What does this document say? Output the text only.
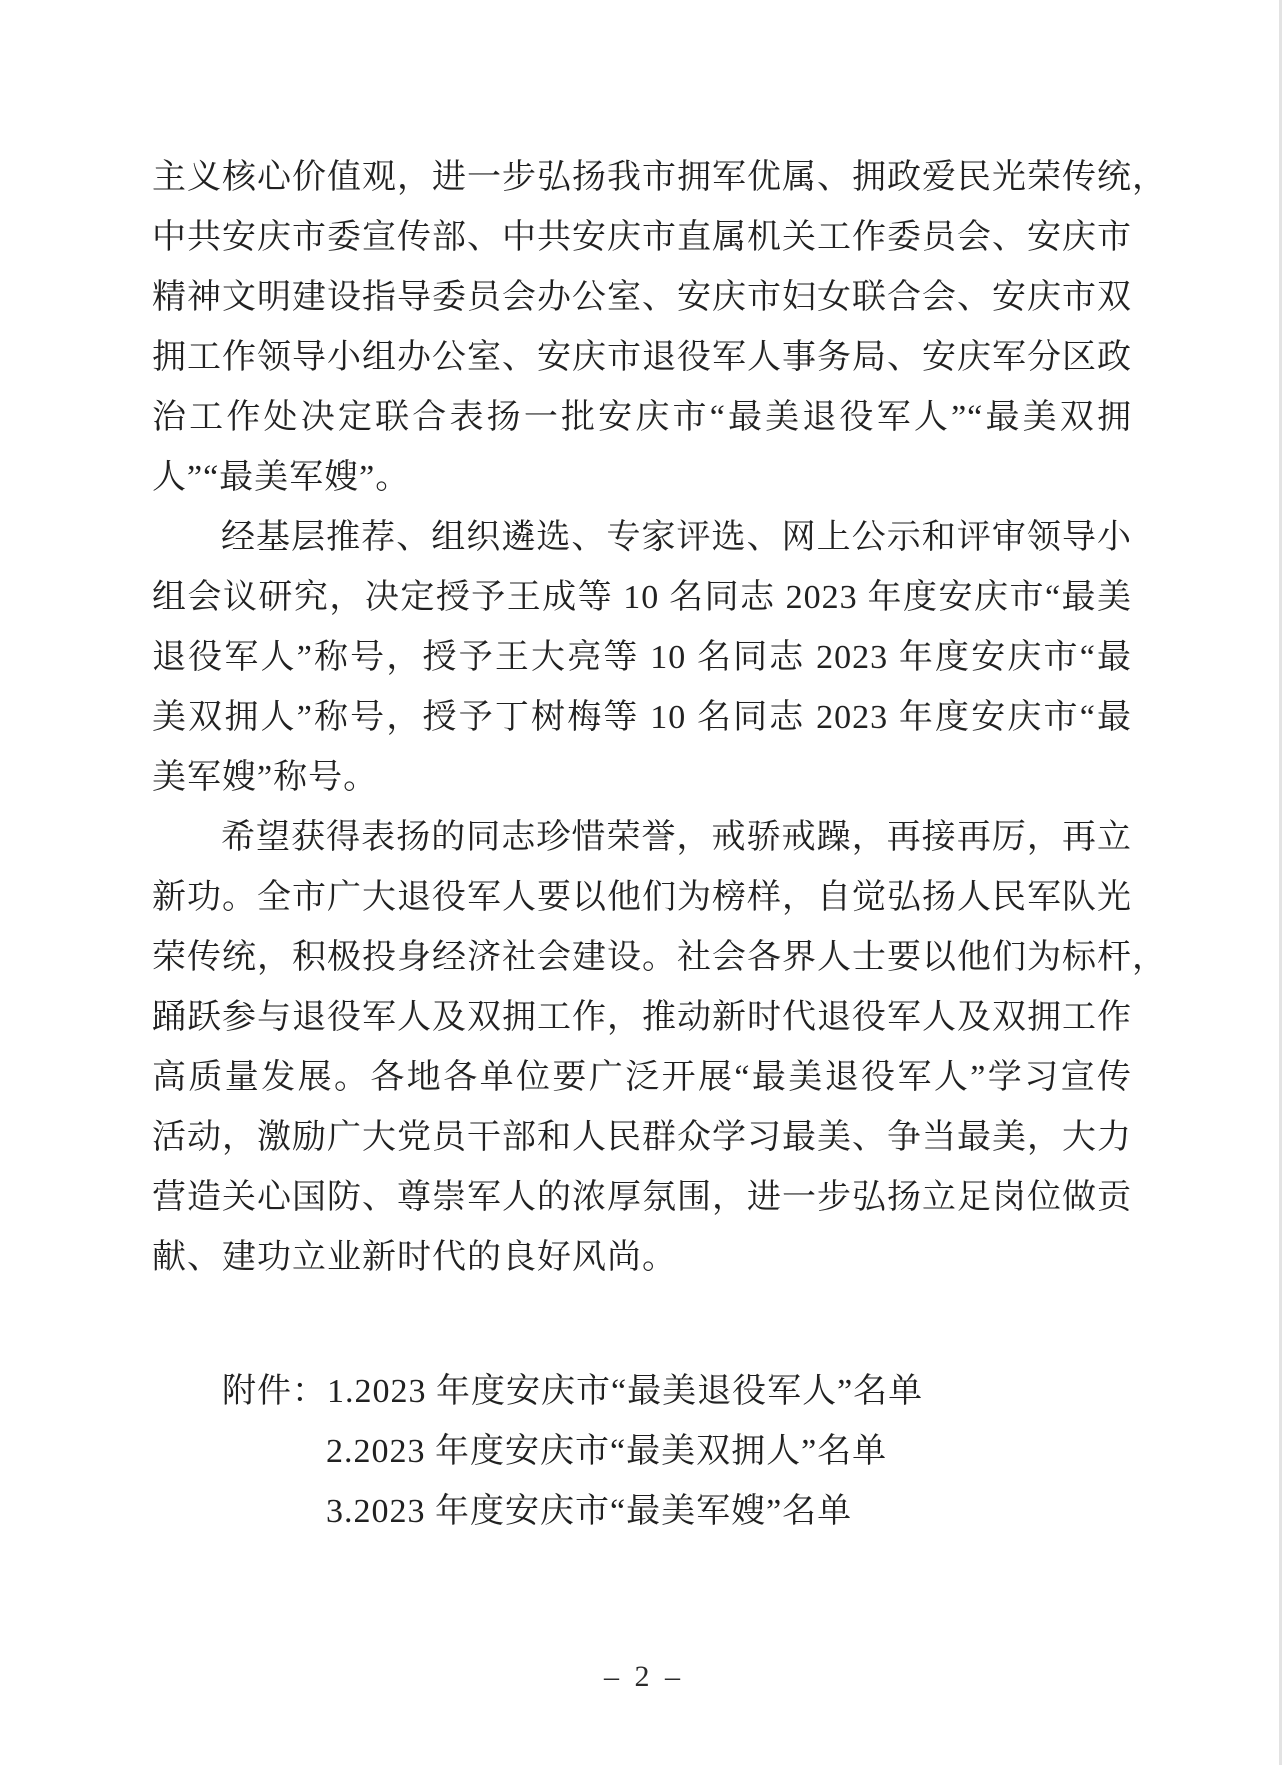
主义核心价值观，进一步弘扬我市拥军优属、拥政爱民光荣传统，
中共安庆市委宣传部、中共安庆市直属机关工作委员会、安庆市
精神文明建设指导委员会办公室、安庆市妇女联合会、安庆市双
拥工作领导小组办公室、安庆市退役军人事务局、安庆军分区政
治工作处决定联合表扬一批安庆市“最美退役军人”“最美双拥
人”“最美军嫂”。
经基层推荐、组织遴选、专家评选、网上公示和评审领导小
组会议研究，决定授予王成等 10 名同志 2023 年度安庆市“最美
退役军人”称号，授予王大亮等 10 名同志 2023 年度安庆市“最
美双拥人”称号，授予丁树梅等 10 名同志 2023 年度安庆市“最
美军嫂”称号。
希望获得表扬的同志珍惜荣誉，戒骄戒躁，再接再厉，再立
新功。全市广大退役军人要以他们为榜样，自觉弘扬人民军队光
荣传统，积极投身经济社会建设。社会各界人士要以他们为标杆，
踊跃参与退役军人及双拥工作，推动新时代退役军人及双拥工作
高质量发展。各地各单位要广泛开展“最美退役军人”学习宣传
活动，激励广大党员干部和人民群众学习最美、争当最美，大力
营造关心国防、尊崇军人的浓厚氛围，进一步弘扬立足岗位做贡
献、建功立业新时代的良好风尚。
附件：1.2023 年度安庆市“最美退役军人”名单
2.2023 年度安庆市“最美双拥人”名单
3.2023 年度安庆市“最美军嫂”名单
– 2 –
